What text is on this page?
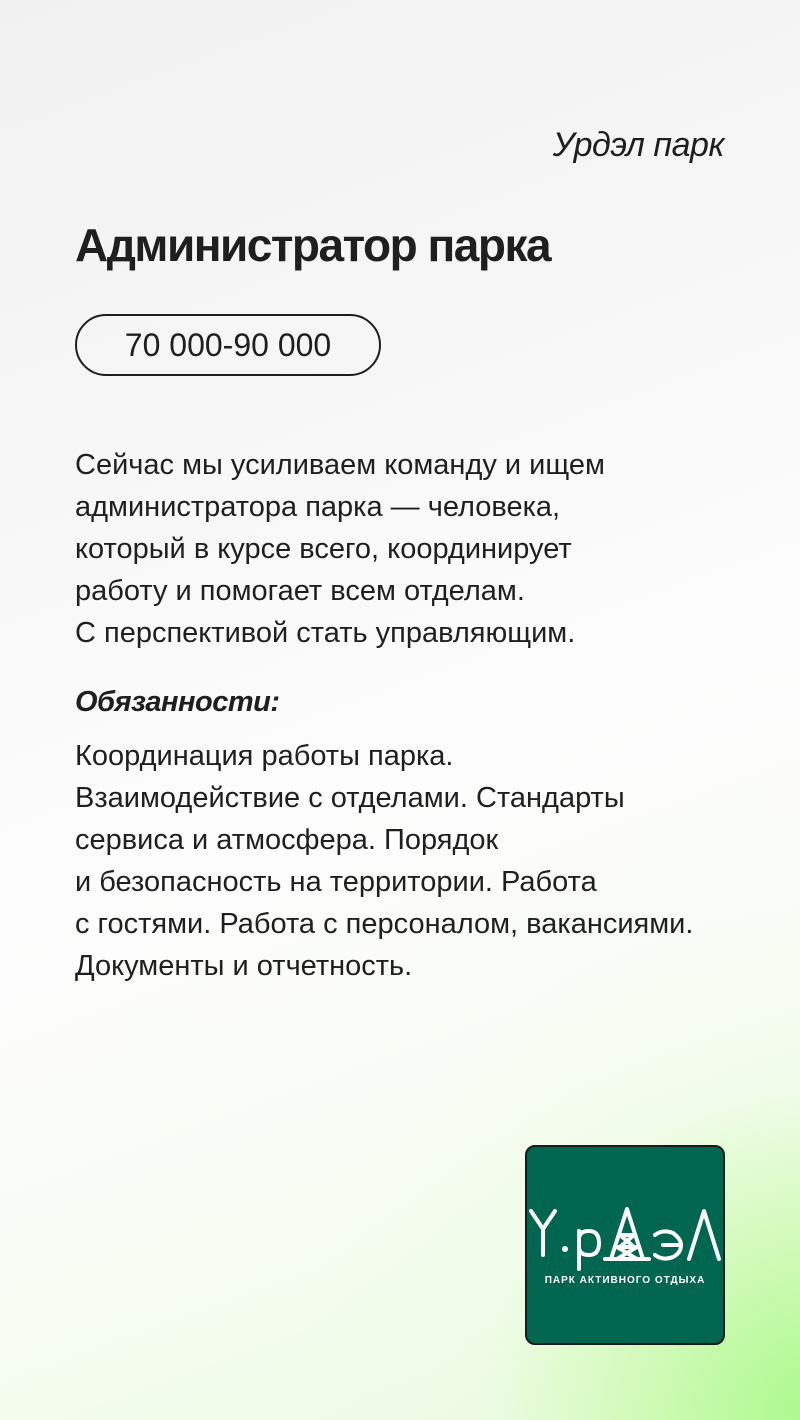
Урдэл парк
Администратор парка
70 000-90 000
Сейчас мы усиливаем команду и ищем
администратора парка — человека,
который в курсе всего, координирует
работу и помогает всем отделам.
С перспективой стать управляющим.
Обязанности:
Координация работы парка.
Взаимодействие с отделами. Стандарты
сервиса и атмосфера. Порядок
и безопасность на территории. Работа
с гостями. Работа с персоналом, вакансиями.
Документы и отчетность.
ПАРК АКТИВНОГО ОТДЫХА
